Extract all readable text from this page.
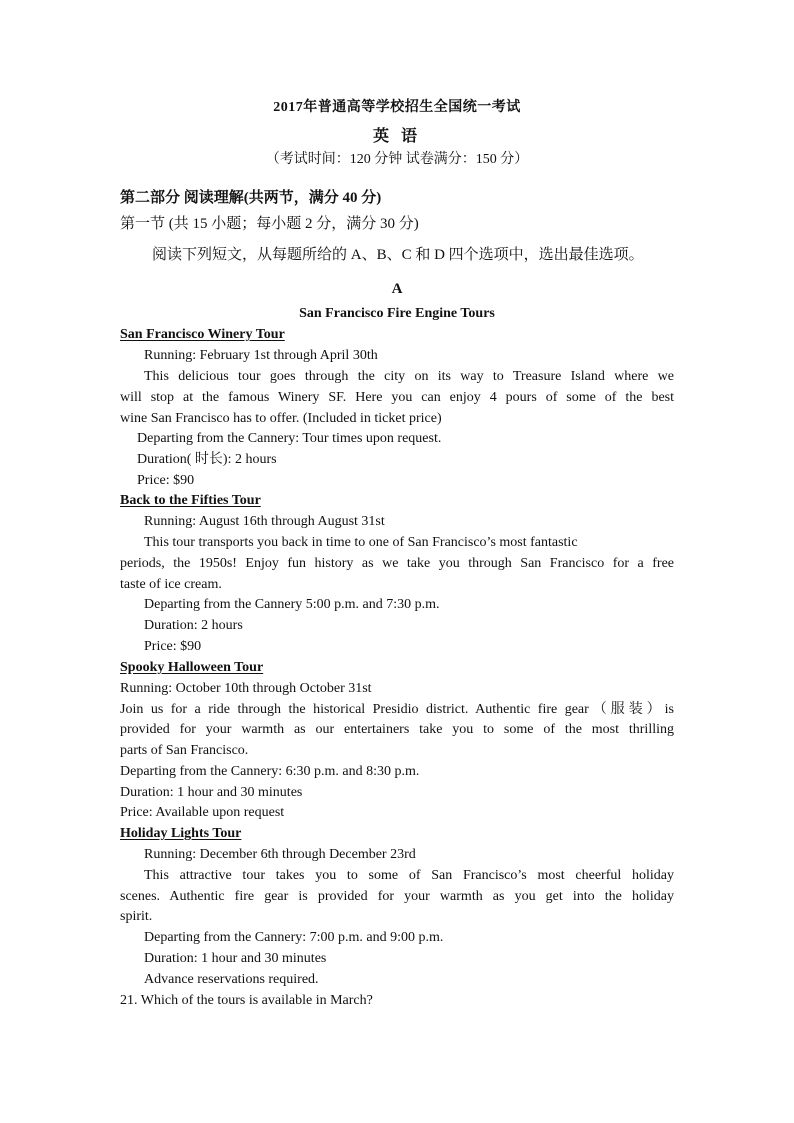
2017年普通高等学校招生全国统一考试
英 语
（考试时间：120 分钟 试卷满分：150 分）
第二部分 阅读理解(共两节，满分 40 分)
第一节 (共 15 小题；每小题 2 分，满分 30 分)
阅读下列短文，从每题所给的 A、B、C 和 D 四个选项中，选出最佳选项。
A
San Francisco Fire Engine Tours
San Francisco Winery Tour
Running: February 1st through April 30th
This delicious tour goes through the city on its way to Treasure Island where we
will stop at the famous Winery SF. Here you can enjoy 4 pours of some of the best
wine San Francisco has to offer. (Included in ticket price)
Departing from the Cannery: Tour times upon request.
Duration( 时长): 2 hours
Price: $90
Back to the Fifties Tour
Running: August 16th through August 31st
This tour transports you back in time to one of San Francisco’s most fantastic
periods, the 1950s! Enjoy fun history as we take you through San Francisco for a free
taste of ice cream.
Departing from the Cannery 5:00 p.m. and 7:30 p.m.
Duration: 2 hours
Price: $90
Spooky Halloween Tour
Running: October 10th through October 31st
Join us for a ride through the historical Presidio district. Authentic fire gear（服装）is
provided for your warmth as our entertainers take you to some of the most thrilling
parts of San Francisco.
Departing from the Cannery: 6:30 p.m. and 8:30 p.m.
Duration: 1 hour and 30 minutes
Price: Available upon request
Holiday Lights Tour
Running: December 6th through December 23rd
This attractive tour takes you to some of San Francisco’s most cheerful holiday
scenes. Authentic fire gear is provided for your warmth as you get into the holiday
spirit.
Departing from the Cannery: 7:00 p.m. and 9:00 p.m.
Duration: 1 hour and 30 minutes
Advance reservations required.
21. Which of the tours is available in March?
